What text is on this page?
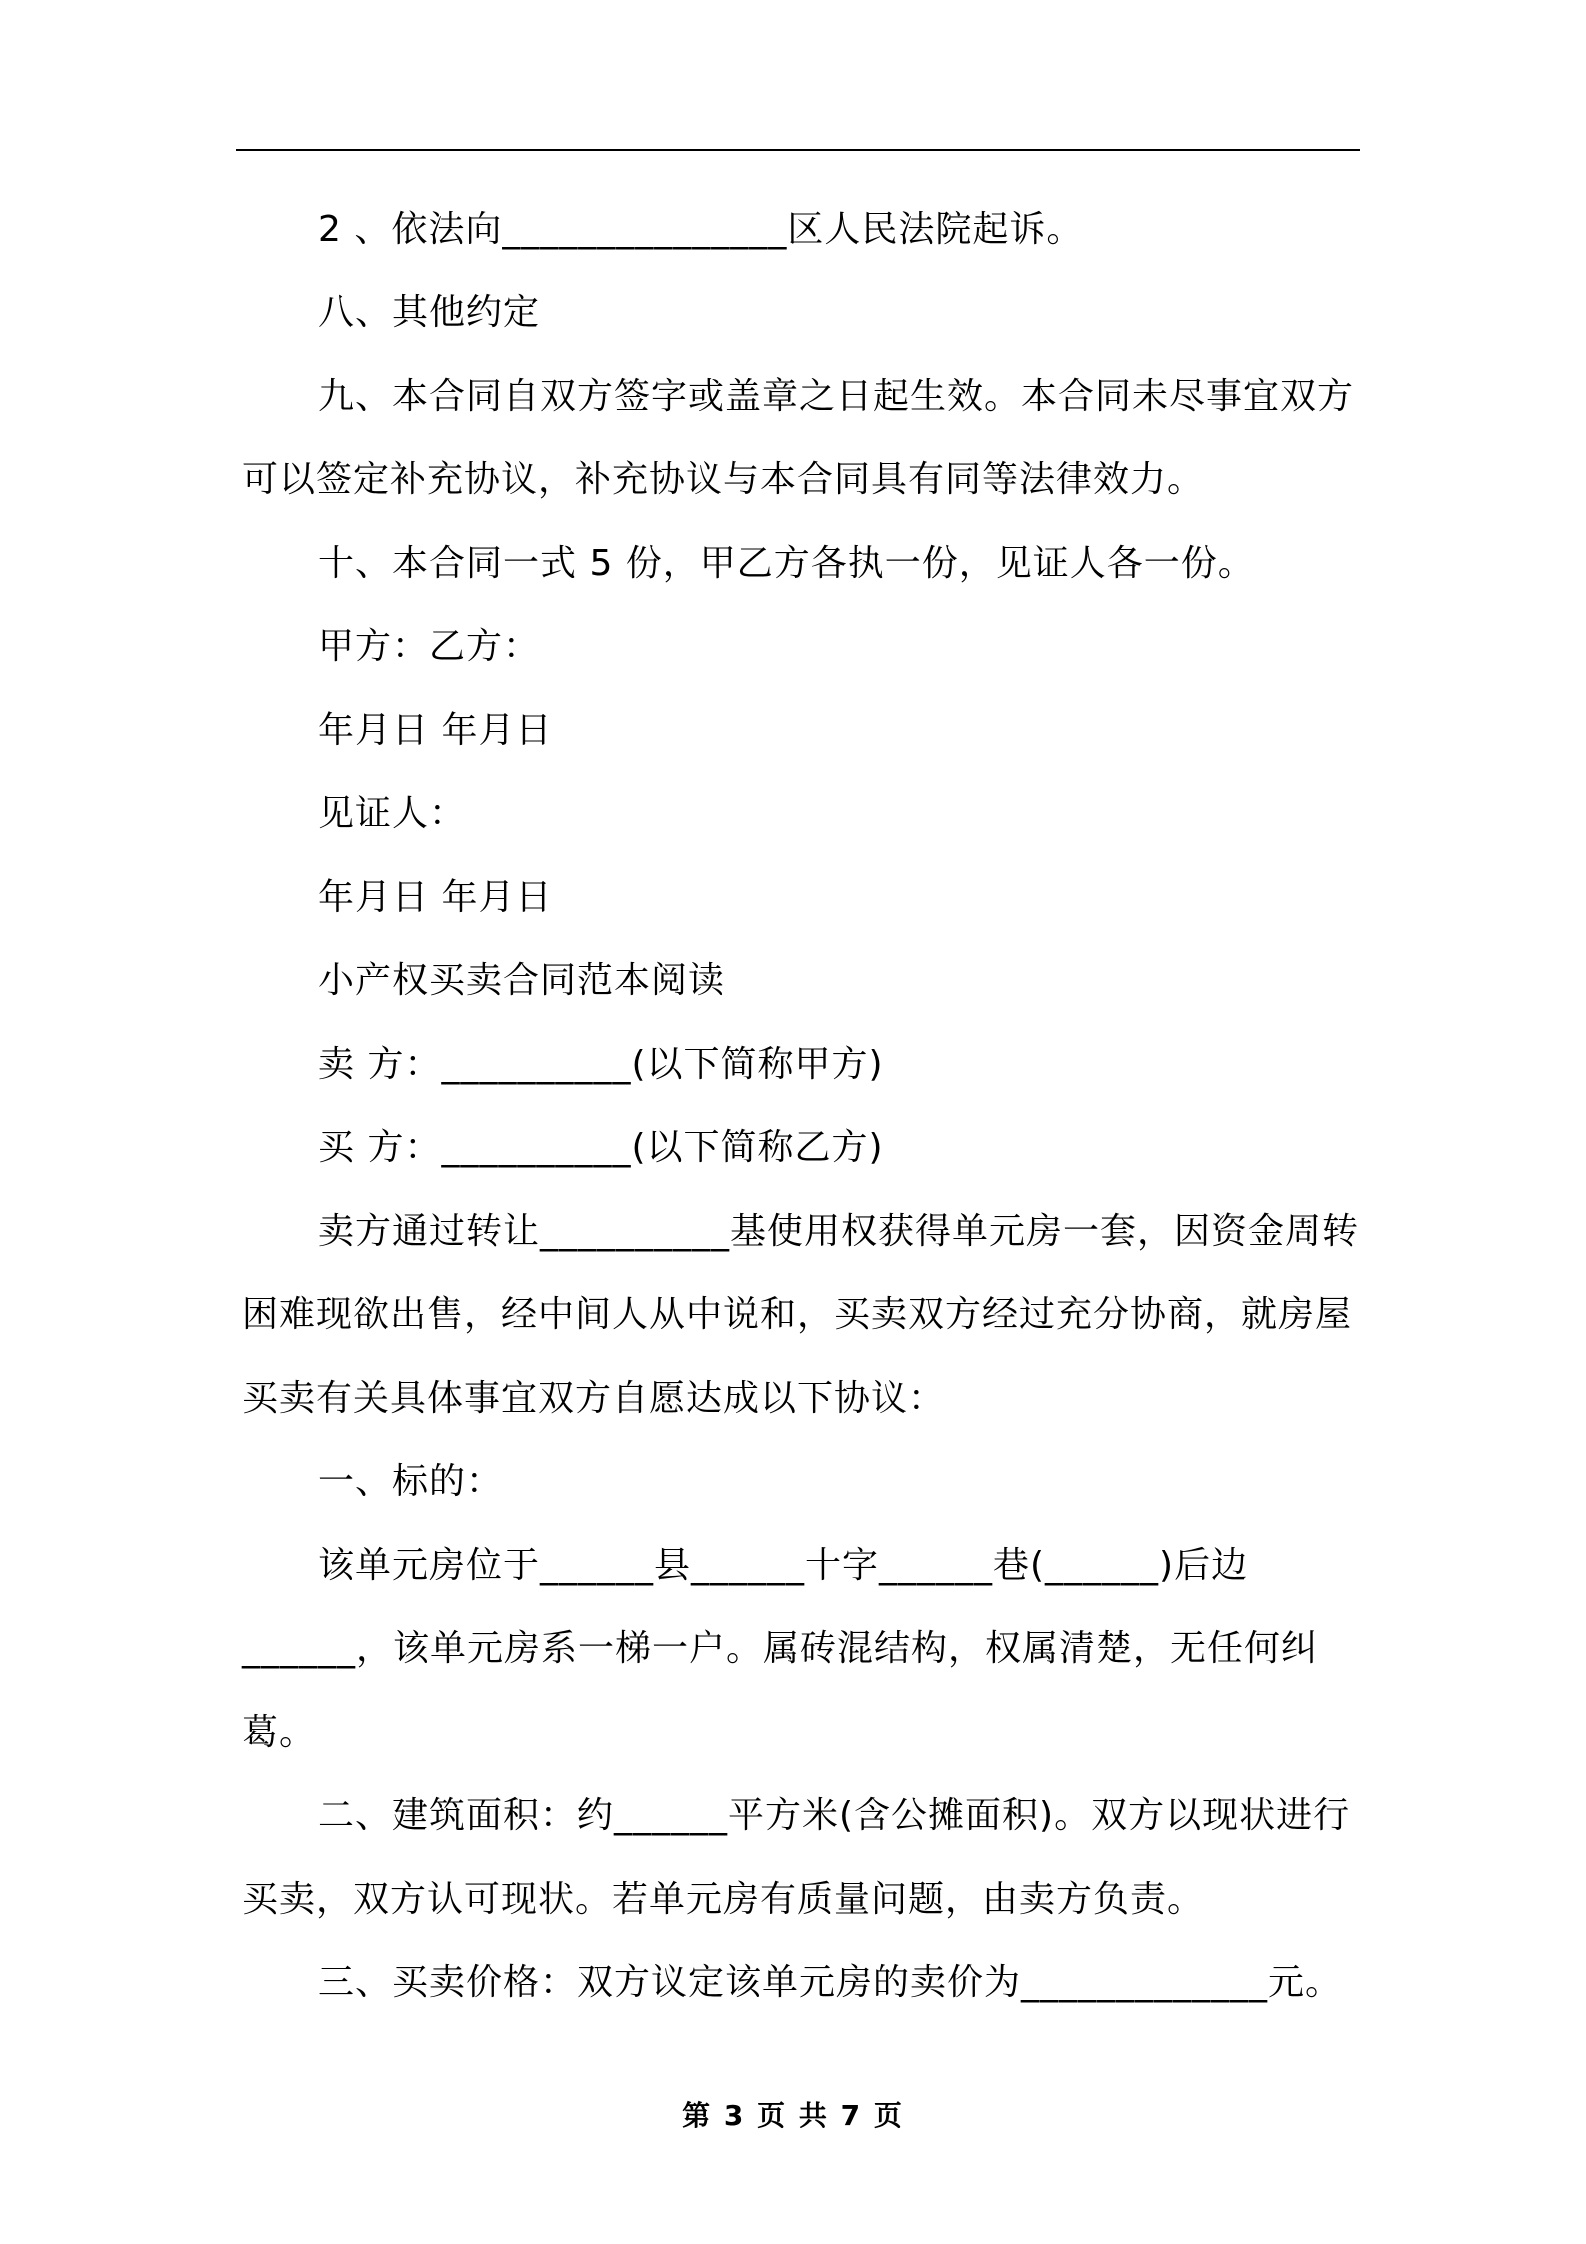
2 、依法向_______________区人民法院起诉。
八、其他约定
九、本合同自双方签字或盖章之日起生效。本合同未尽事宜双方
可以签定补充协议，补充协议与本合同具有同等法律效力。
十、本合同一式 5 份，甲乙方各执一份，见证人各一份。
甲方：乙方：
年月日 年月日
见证人：
年月日 年月日
小产权买卖合同范本阅读
卖 方：__________(以下简称甲方)
买 方：__________(以下简称乙方)
卖方通过转让__________基使用权获得单元房一套，因资金周转
困难现欲出售，经中间人从中说和，买卖双方经过充分协商，就房屋
买卖有关具体事宜双方自愿达成以下协议：
一、标的：
该单元房位于______县______十字______巷(______)后边
______，该单元房系一梯一户。属砖混结构，权属清楚，无任何纠
葛。
二、建筑面积：约______平方米(含公摊面积)。双方以现状进行
买卖，双方认可现状。若单元房有质量问题，由卖方负责。
三、买卖价格：双方议定该单元房的卖价为_____________元。
第 3 页 共 7 页
